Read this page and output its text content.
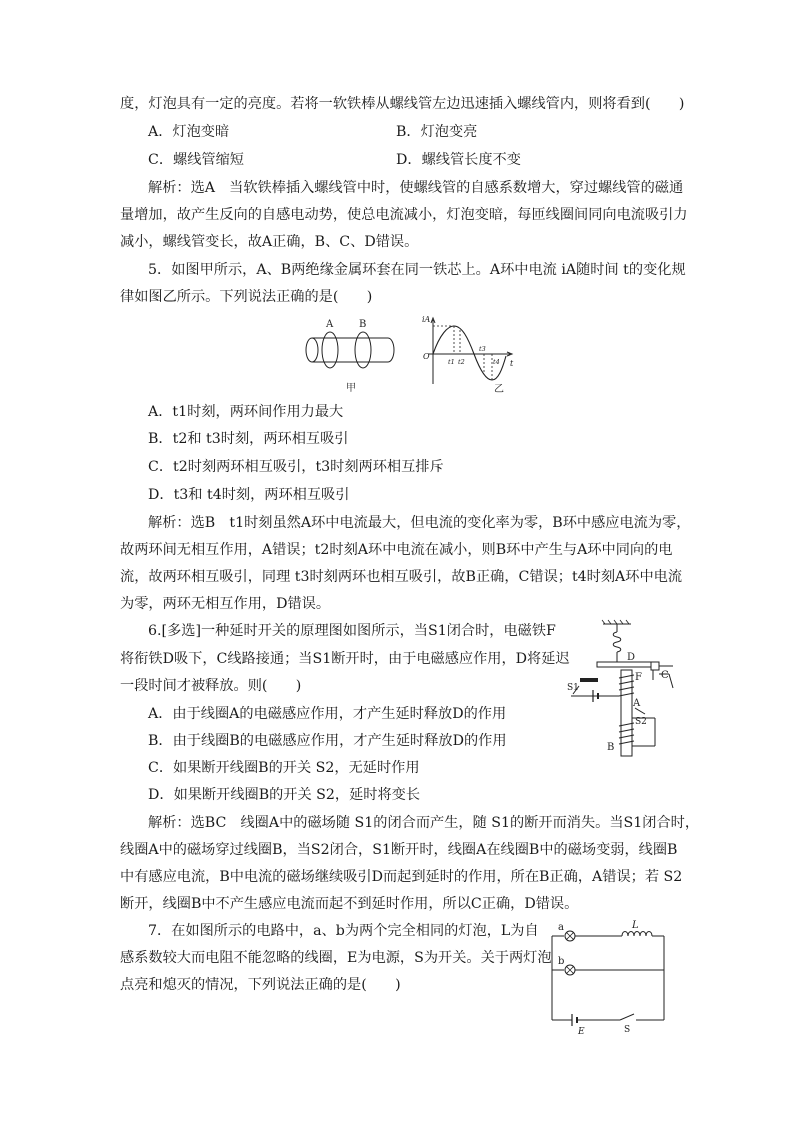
度，灯泡具有一定的亮度。若将一软铁棒从螺线管左边迅速插入螺线管内，则将看到(　　)
A．灯泡变暗	B．灯泡变亮
C．螺线管缩短	D．螺线管长度不变
解析：选A　当软铁棒插入螺线管中时，使螺线管的自感系数增大，穿过螺线管的磁通
量增加，故产生反向的自感电动势，使总电流减小，灯泡变暗，每匝线圈间同向电流吸引力
减小，螺线管变长，故A正确，B、C、D错误。
5．如图甲所示，A、B两绝缘金属环套在同一铁芯上。A环中电流 iA随时间 t的变化规
律如图乙所示。下列说法正确的是(　　)
A	B
甲
iA
t
O
t1 t2
t3
t4
乙
A．t1时刻，两环间作用力最大
B．t2和 t3时刻，两环相互吸引
C．t2时刻两环相互吸引，t3时刻两环相互排斥
D．t3和 t4时刻，两环相互吸引
解析：选B　t1时刻虽然A环中电流最大，但电流的变化率为零，B环中感应电流为零，
故两环间无相互作用，A错误；t2时刻A环中电流在减小，则B环中产生与A环中同向的电
流，故两环相互吸引，同理 t3时刻两环也相互吸引，故B正确，C错误；t4时刻A环中电流
为零，两环无相互作用，D错误。
6.[多选]一种延时开关的原理图如图所示，当S1闭合时，电磁铁F
将衔铁D吸下，C线路接通；当S1断开时，由于电磁感应作用，D将延迟
一段时间才被释放。则(　　)
D
C
F
A
B
S1
S2
A．由于线圈A的电磁感应作用，才产生延时释放D的作用
B．由于线圈B的电磁感应作用，才产生延时释放D的作用
C．如果断开线圈B的开关 S2，无延时作用
D．如果断开线圈B的开关 S2，延时将变长
解析：选BC　线圈A中的磁场随 S1的闭合而产生，随 S1的断开而消失。当S1闭合时，
线圈A中的磁场穿过线圈B，当S2闭合，S1断开时，线圈A在线圈B中的磁场变弱，线圈B
中有感应电流，B中电流的磁场继续吸引D而起到延时的作用，所在B正确，A错误；若 S2
断开，线圈B中不产生感应电流而起不到延时作用，所以C正确，D错误。
7．在如图所示的电路中，a、b为两个完全相同的灯泡，L为自
感系数较大而电阻不能忽略的线圈，E为电源，S为开关。关于两灯泡
点亮和熄灭的情况，下列说法正确的是(　　)
a
b
L
E	S
